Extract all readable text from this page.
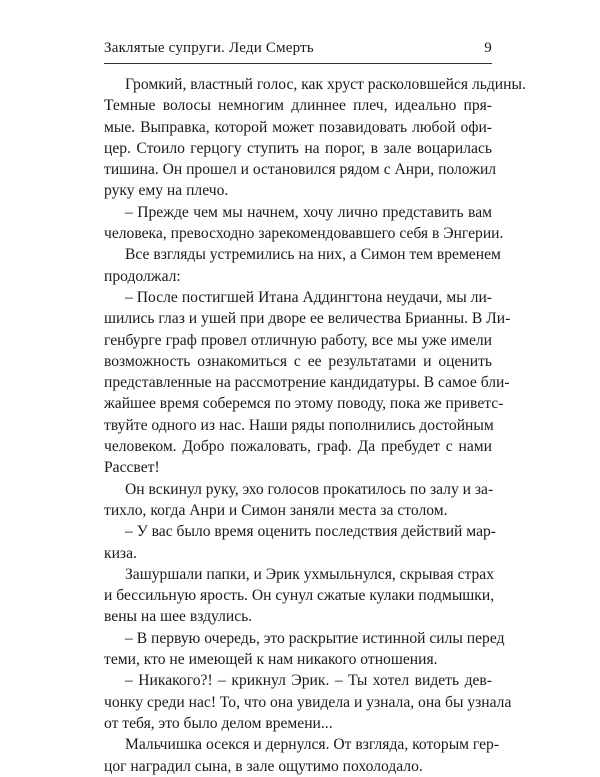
Заклятые супруги. Леди Смерть	9

Громкий, властный голос, как хруст расколовшейся льдины.
Темные волосы немногим длиннее плеч, идеально пря-
мые. Выправка, которой может позавидовать любой офи-
цер. Стоило герцогу ступить на порог, в зале воцарилась
тишина. Он прошел и остановился рядом с Анри, положил
руку ему на плечо.

– Прежде чем мы начнем, хочу лично представить вам
человека, превосходно зарекомендовавшего себя в Энгерии.

Все взгляды устремились на них, а Симон тем временем
продолжал:

– После постигшей Итана Аддингтона неудачи, мы ли-
шились глаз и ушей при дворе ее величества Брианны. В Ли-
генбурге граф провел отличную работу, все мы уже имели
возможность ознакомиться с ее результатами и оценить
представленные на рассмотрение кандидатуры. В самое бли-
жайшее время соберемся по этому поводу, пока же приветс-
твуйте одного из нас. Наши ряды пополнились достойным
человеком. Добро пожаловать, граф. Да пребудет с нами
Рассвет!

Он вскинул руку, эхо голосов прокатилось по залу и за-
тихло, когда Анри и Симон заняли места за столом.

– У вас было время оценить последствия действий мар-
киза.

Зашуршали папки, и Эрик ухмыльнулся, скрывая страх
и бессильную ярость. Он сунул сжатые кулаки подмышки,
вены на шее вздулись.

– В первую очередь, это раскрытие истинной силы перед
теми, кто не имеющей к нам никакого отношения.

– Никакого?! – крикнул Эрик. – Ты хотел видеть дев-
чонку среди нас! То, что она увидела и узнала, она бы узнала
от тебя, это было делом времени...

Мальчишка осекся и дернулся. От взгляда, которым гер-
цог наградил сына, в зале ощутимо похолодало.
